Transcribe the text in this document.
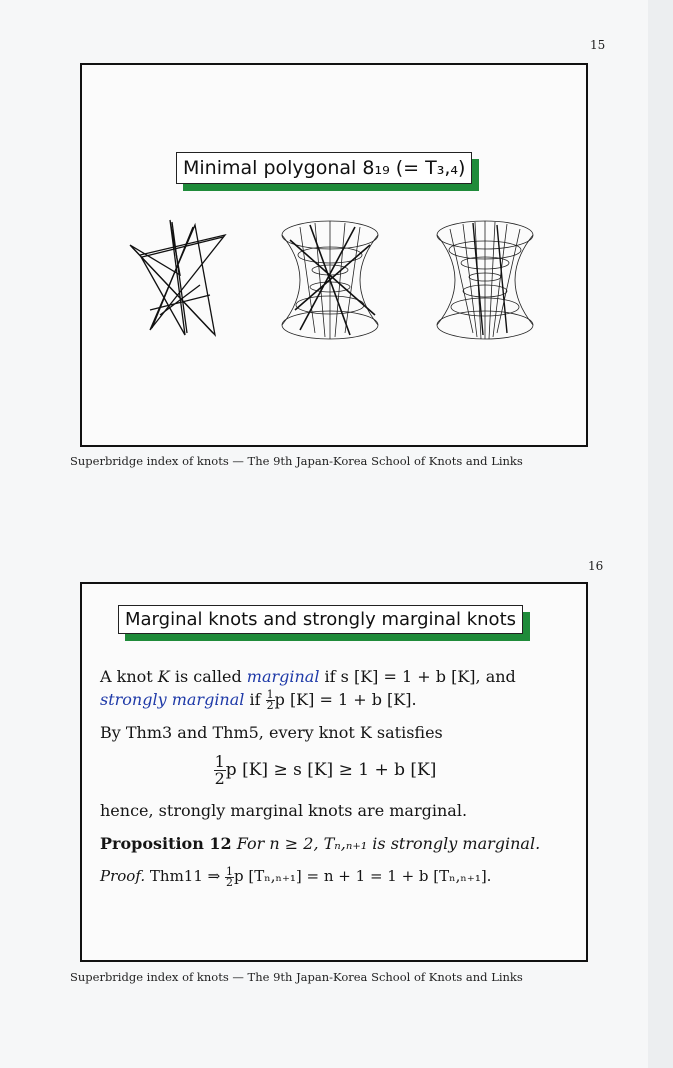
15
Minimal polygonal 8₁₉ (= T₃,₄)
Superbridge index of knots — The 9th Japan-Korea School of Knots and Links
16
Marginal knots and strongly marginal knots

A knot K is called marginal if s [K] = 1 + b [K], and
strongly marginal if $\frac{1}{2}$ p [K] = 1 + b [K].

By Thm3 and Thm5, every knot K satisfies

$\frac{1}{2}$ p [K] ≥ s [K] ≥ 1 + b [K]

hence, strongly marginal knots are marginal.

Proposition 12 For n ≥ 2, Tₙ,ₙ₊₁ is strongly marginal.

Proof. Thm11 ⇒ $\frac{1}{2}$ p [Tₙ,ₙ₊₁] = n + 1 = 1 + b [Tₙ,ₙ₊₁].

Superbridge index of knots — The 9th Japan-Korea School of Knots and Links
